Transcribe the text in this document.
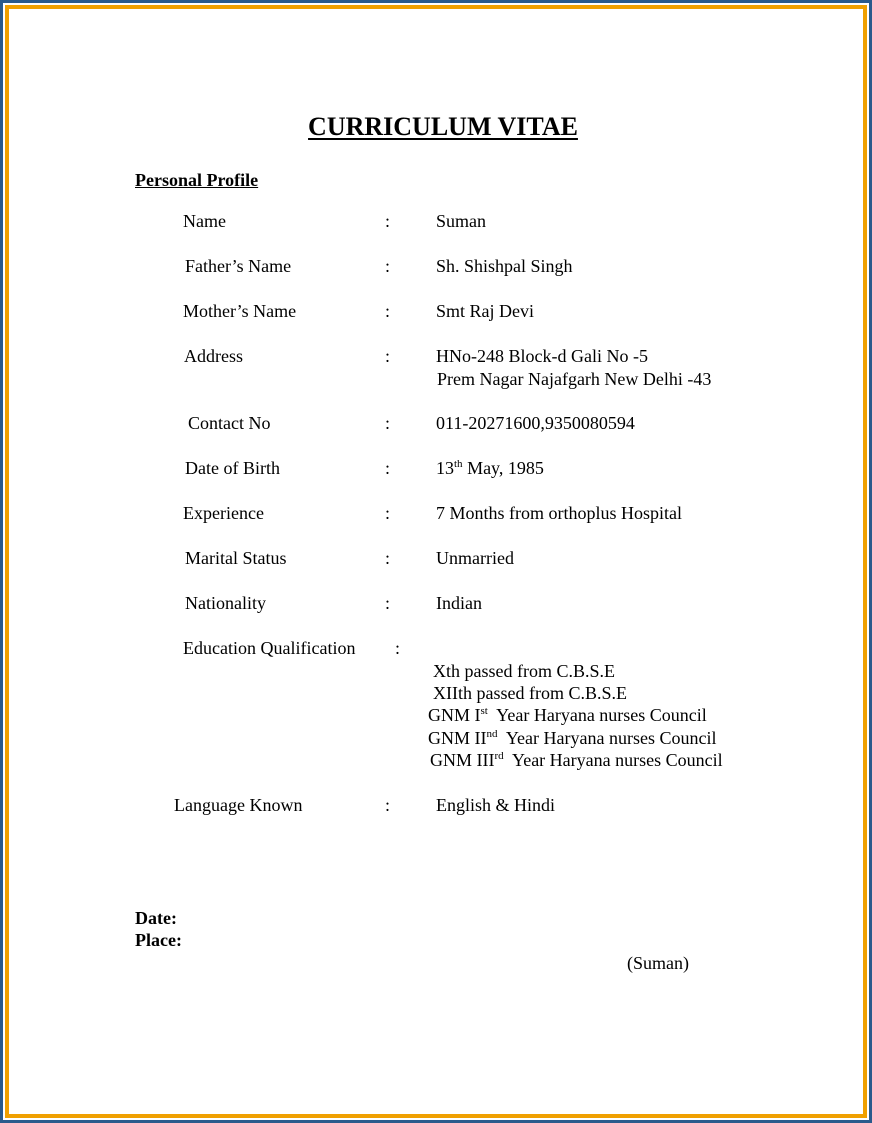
CURRICULUM VITAE
Personal Profile
Name	:	Suman
Father’s Name	:	Sh. Shishpal Singh
Mother’s Name	:	Smt Raj Devi
Address	:	HNo-248 Block-d Gali No -5
Prem Nagar Najafgarh New Delhi -43
Contact No	:	011-20271600,9350080594
Date of Birth	:	13th May, 1985
Experience	:	7 Months from orthoplus Hospital
Marital Status	:	Unmarried
Nationality	:	Indian
Education Qualification :
Xth passed from C.B.S.E
XIIth passed from C.B.S.E
GNM Ist  Year Haryana nurses Council
GNM IInd  Year Haryana nurses Council
GNM IIIrd  Year Haryana nurses Council
Language Known	:	English & Hindi
Date:
Place:
(Suman)
